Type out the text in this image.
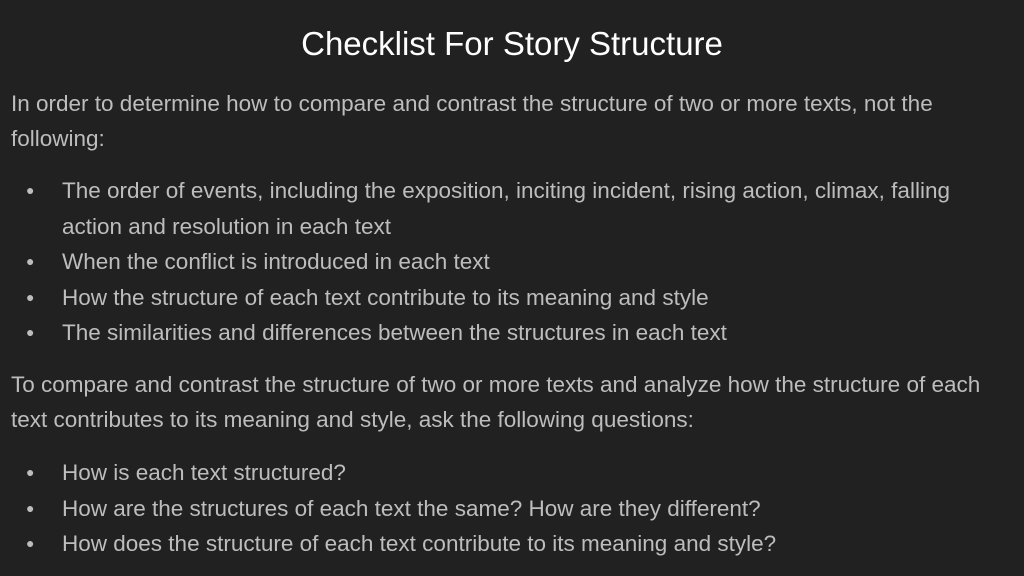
Checklist For Story Structure

In order to determine how to compare and contrast the structure of two or more texts, not the following:

● The order of events, including the exposition, inciting incident, rising action, climax, falling action and resolution in each text
● When the conflict is introduced in each text
● How the structure of each text contribute to its meaning and style
● The similarities and differences between the structures in each text

To compare and contrast the structure of two or more texts and analyze how the structure of each text contributes to its meaning and style, ask the following questions:

● How is each text structured?
● How are the structures of each text the same? How are they different?
● How does the structure of each text contribute to its meaning and style?
